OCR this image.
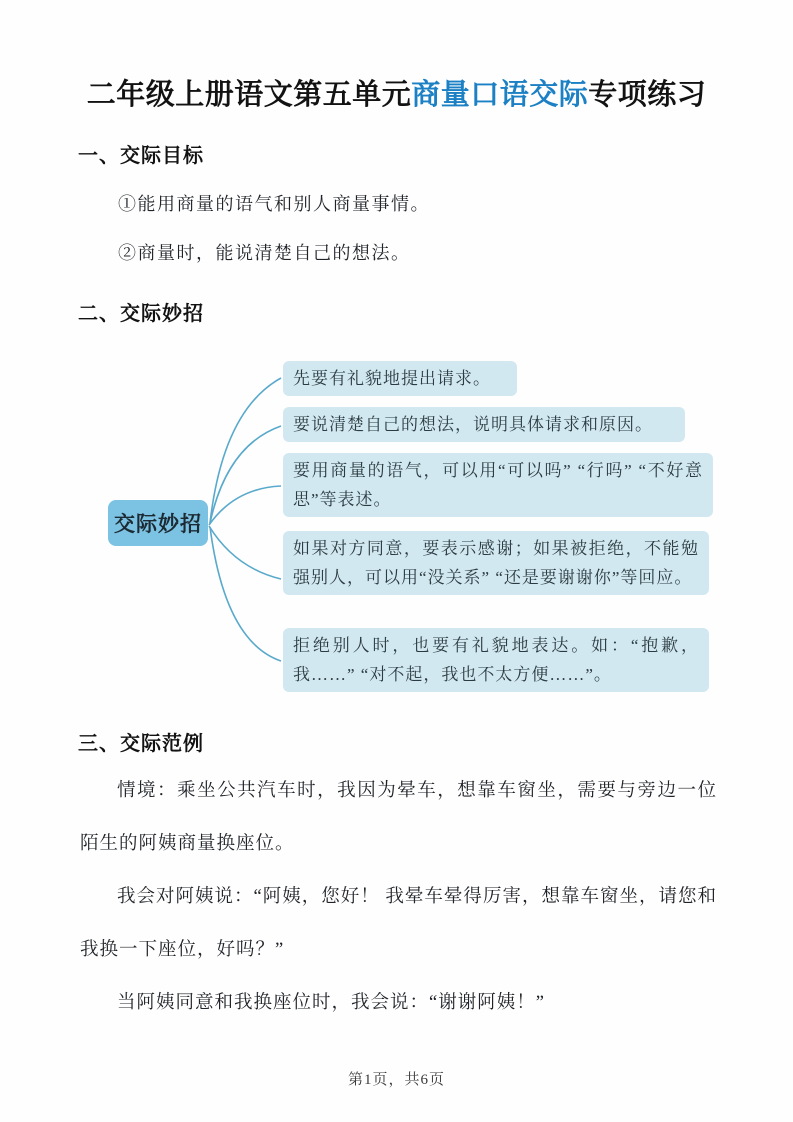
二年级上册语文第五单元商量口语交际专项练习
一、交际目标

①能用商量的语气和别人商量事情。

②商量时，能说清楚自己的想法。

二、交际妙招
交际妙招
先要有礼貌地提出请求。
要说清楚自己的想法，说明具体请求和原因。
要用商量的语气，可以用“可以吗” “行吗” “不好意思”等表述。
如果对方同意，要表示感谢；如果被拒绝，不能勉强别人，可以用“没关系” “还是要谢谢你”等回应。
拒绝别人时，也要有礼貌地表达。如：“抱歉，我……” “对不起，我也不太方便……”。
三、交际范例

情境：乘坐公共汽车时，我因为晕车，想靠车窗坐，需要与旁边一位陌生的阿姨商量换座位。

我会对阿姨说：“阿姨，您好！ 我晕车晕得厉害，想靠车窗坐，请您和我换一下座位，好吗？”

当阿姨同意和我换座位时，我会说：“谢谢阿姨！”

第1页，共6页
